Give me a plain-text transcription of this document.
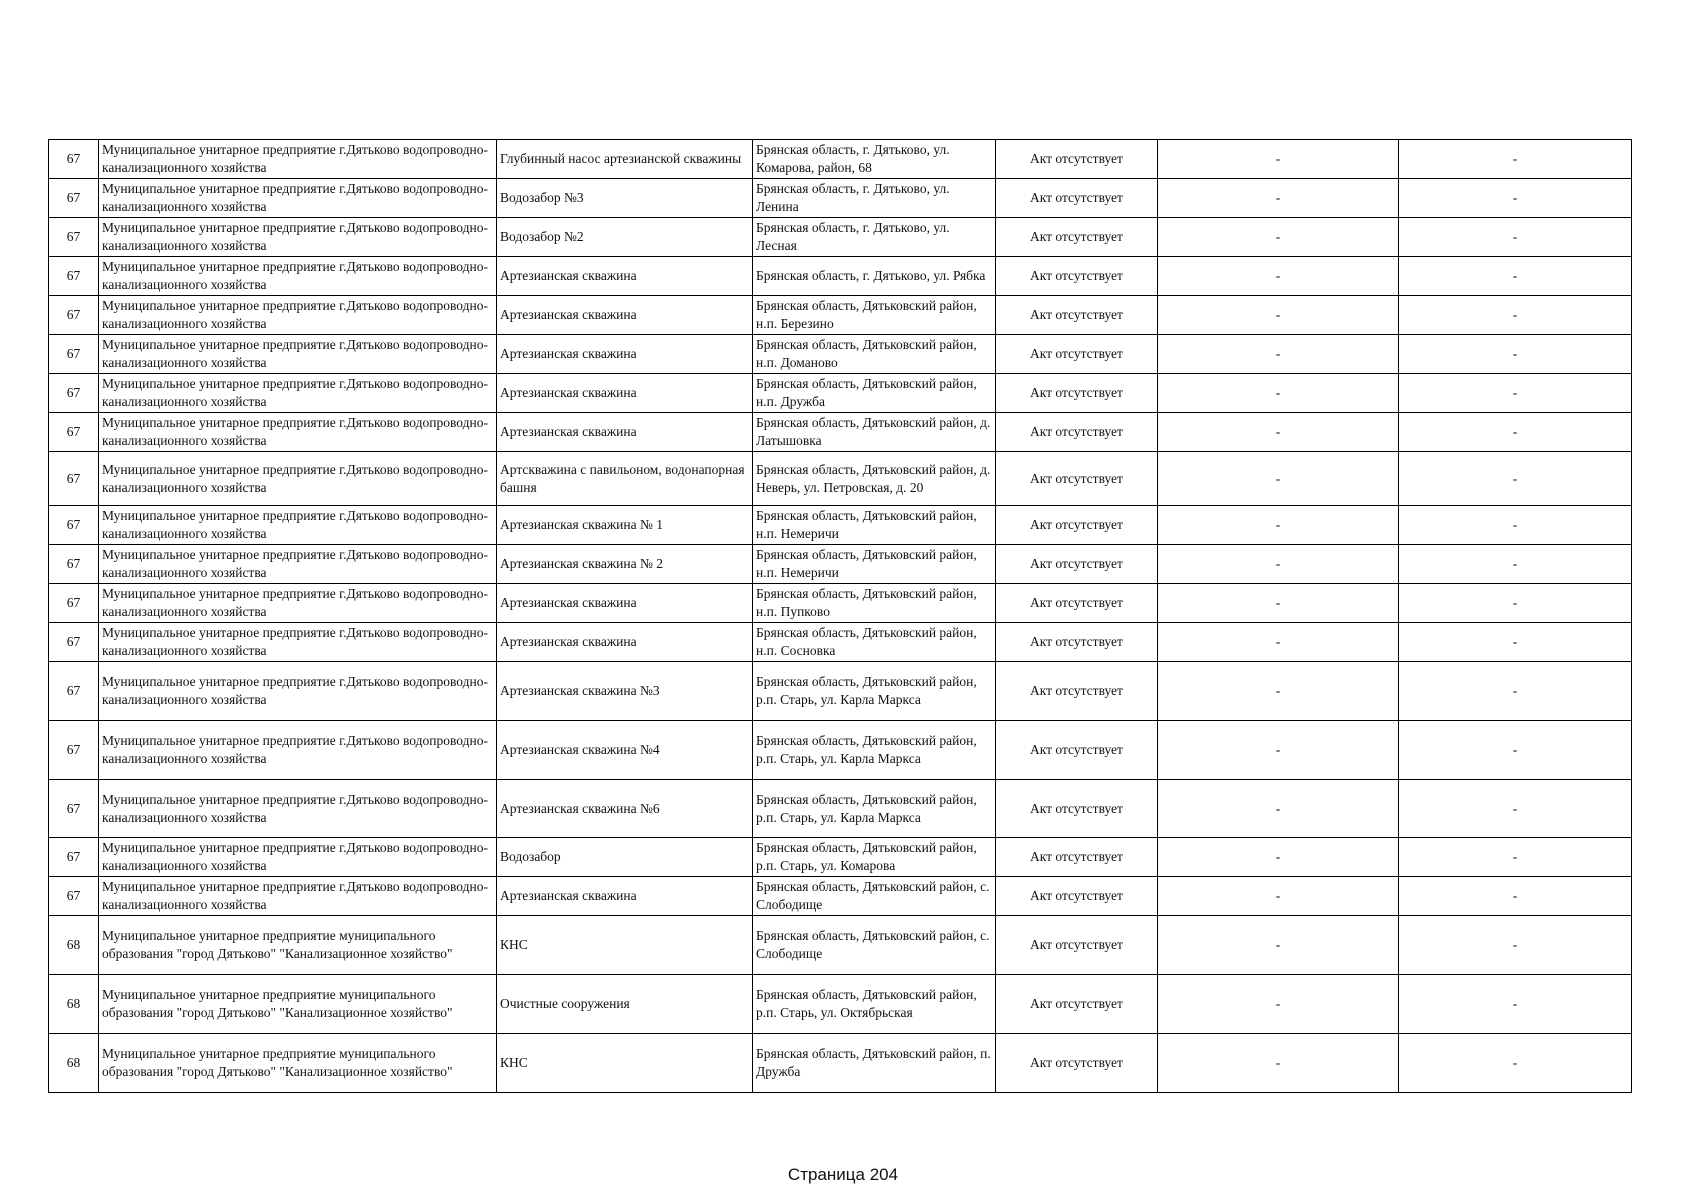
67	Муниципальное унитарное предприятие г.Дятьково водопроводно-канализационного хозяйства	Глубинный насос артезианской скважины	Брянская область, г. Дятьково, ул. Комарова, район, 68	Акт отсутствует	-	-
67	Муниципальное унитарное предприятие г.Дятьково водопроводно-канализационного хозяйства	Водозабор №3	Брянская область, г. Дятьково, ул. Ленина	Акт отсутствует	-	-
67	Муниципальное унитарное предприятие г.Дятьково водопроводно-канализационного хозяйства	Водозабор №2	Брянская область, г. Дятьково, ул. Лесная	Акт отсутствует	-	-
67	Муниципальное унитарное предприятие г.Дятьково водопроводно-канализационного хозяйства	Артезианская скважина	Брянская область, г. Дятьково, ул. Рябка	Акт отсутствует	-	-
67	Муниципальное унитарное предприятие г.Дятьково водопроводно-канализационного хозяйства	Артезианская скважина	Брянская область, Дятьковский район, н.п. Березино	Акт отсутствует	-	-
67	Муниципальное унитарное предприятие г.Дятьково водопроводно-канализационного хозяйства	Артезианская скважина	Брянская область, Дятьковский район, н.п. Доманово	Акт отсутствует	-	-
67	Муниципальное унитарное предприятие г.Дятьково водопроводно-канализационного хозяйства	Артезианская скважина	Брянская область, Дятьковский район, н.п. Дружба	Акт отсутствует	-	-
67	Муниципальное унитарное предприятие г.Дятьково водопроводно-канализационного хозяйства	Артезианская скважина	Брянская область, Дятьковский район, д. Латышовка	Акт отсутствует	-	-
67	Муниципальное унитарное предприятие г.Дятьково водопроводно-канализационного хозяйства	Артскважина с павильоном, водонапорная башня	Брянская область, Дятьковский район, д. Неверь, ул. Петровская, д. 20	Акт отсутствует	-	-
67	Муниципальное унитарное предприятие г.Дятьково водопроводно-канализационного хозяйства	Артезианская скважина № 1	Брянская область, Дятьковский район, н.п. Немеричи	Акт отсутствует	-	-
67	Муниципальное унитарное предприятие г.Дятьково водопроводно-канализационного хозяйства	Артезианская скважина № 2	Брянская область, Дятьковский район, н.п. Немеричи	Акт отсутствует	-	-
67	Муниципальное унитарное предприятие г.Дятьково водопроводно-канализационного хозяйства	Артезианская скважина	Брянская область, Дятьковский район, н.п. Пупково	Акт отсутствует	-	-
67	Муниципальное унитарное предприятие г.Дятьково водопроводно-канализационного хозяйства	Артезианская скважина	Брянская область, Дятьковский район, н.п. Сосновка	Акт отсутствует	-	-
67	Муниципальное унитарное предприятие г.Дятьково водопроводно-канализационного хозяйства	Артезианская скважина №3	Брянская область, Дятьковский район, р.п. Старь, ул. Карла Маркса	Акт отсутствует	-	-
67	Муниципальное унитарное предприятие г.Дятьково водопроводно-канализационного хозяйства	Артезианская скважина №4	Брянская область, Дятьковский район, р.п. Старь, ул. Карла Маркса	Акт отсутствует	-	-
67	Муниципальное унитарное предприятие г.Дятьково водопроводно-канализационного хозяйства	Артезианская скважина №6	Брянская область, Дятьковский район, р.п. Старь, ул. Карла Маркса	Акт отсутствует	-	-
67	Муниципальное унитарное предприятие г.Дятьково водопроводно-канализационного хозяйства	Водозабор	Брянская область, Дятьковский район, р.п. Старь, ул. Комарова	Акт отсутствует	-	-
67	Муниципальное унитарное предприятие г.Дятьково водопроводно-канализационного хозяйства	Артезианская скважина	Брянская область, Дятьковский район, с. Слободище	Акт отсутствует	-	-
68	Муниципальное унитарное предприятие муниципального образования "город Дятьково" "Канализационное хозяйство"	КНС	Брянская область, Дятьковский район, с. Слободище	Акт отсутствует	-	-
68	Муниципальное унитарное предприятие муниципального образования "город Дятьково" "Канализационное хозяйство"	Очистные сооружения	Брянская область, Дятьковский район, р.п. Старь, ул. Октябрьская	Акт отсутствует	-	-
68	Муниципальное унитарное предприятие муниципального образования "город Дятьково" "Канализационное хозяйство"	КНС	Брянская область, Дятьковский район, п. Дружба	Акт отсутствует	-	-
Страница 204
